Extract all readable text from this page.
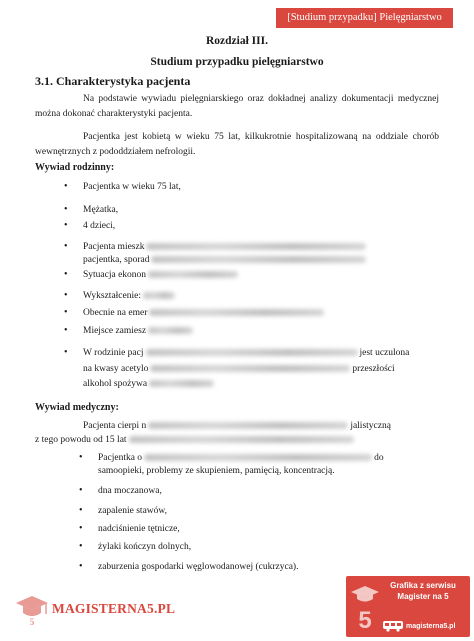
[Studium przypadku] Pielęgniarstwo
Rozdział III.
Studium przypadku pielęgniarstwo
3.1. Charakterystyka pacjenta
Na podstawie wywiadu pielęgniarskiego oraz dokładnej analizy dokumentacji medycznej można dokonać charakterystyki pacjenta.
Pacjentka jest kobietą w wieku 75 lat, kilkukrotnie hospitalizowaną na oddziale chorób wewnętrznych z pododdziałem nefrologii.
Wywiad rodzinny:
• Pacjentka w wieku 75 lat,
• Mężatka,
• 4 dzieci,
• Pacjenta mieszk
pacjentka, sporad
• Sytuacja ekonon
• Wykształcenie:
• Obecnie na emer
• Miejsce zamiesz
• W rodzinie pacj	jest uczulona
na kwasy acetylo	przeszłości
alkohol spożywa
Wywiad medyczny:
Pacjenta cierpi n	jalistyczną
z tego powodu od 15 lat
• Pacjentka o	do
samoopieki, problemy ze skupieniem, pamięcią, koncentracją.
• dna moczanowa,
• zapalenie stawów,
• nadciśnienie tętnicze,
• żylaki kończyn dolnych,
• zaburzenia gospodarki węglowodanowej (cukrzyca).
5
MAGISTERNA5.PL	5
Grafika z serwisu
Magister na 5
magisterna5.pl
